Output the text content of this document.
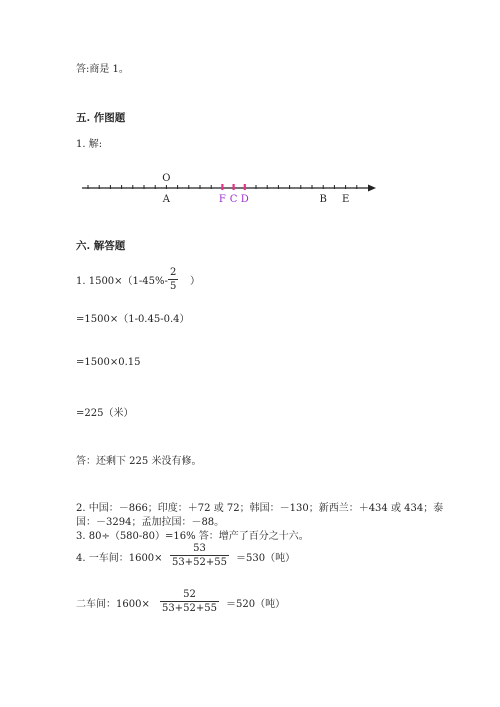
答:商是 1。
五. 作图题
1. 解:
O
A	F C D	B E
六. 解答题
1. $1500\times(1-45\%- \frac{2}{5}$ ）
=1500×（1-0.45-0.4）
=1500×0.15
=225（米）
答：还剩下 225 米没有修。
2. 中国：－866；印度：＋72 或 72；韩国：－130；新西兰：＋434 或 434；泰
国：－3294；孟加拉国：－88。
3. 80÷（580-80）=16% 答：增产了百分之十六。
4. 一车间：$1600\times \frac{53}{53+52+55} =530$（吨）
二车间：$1600\times \frac{52}{53+52+55} =520$（吨）
